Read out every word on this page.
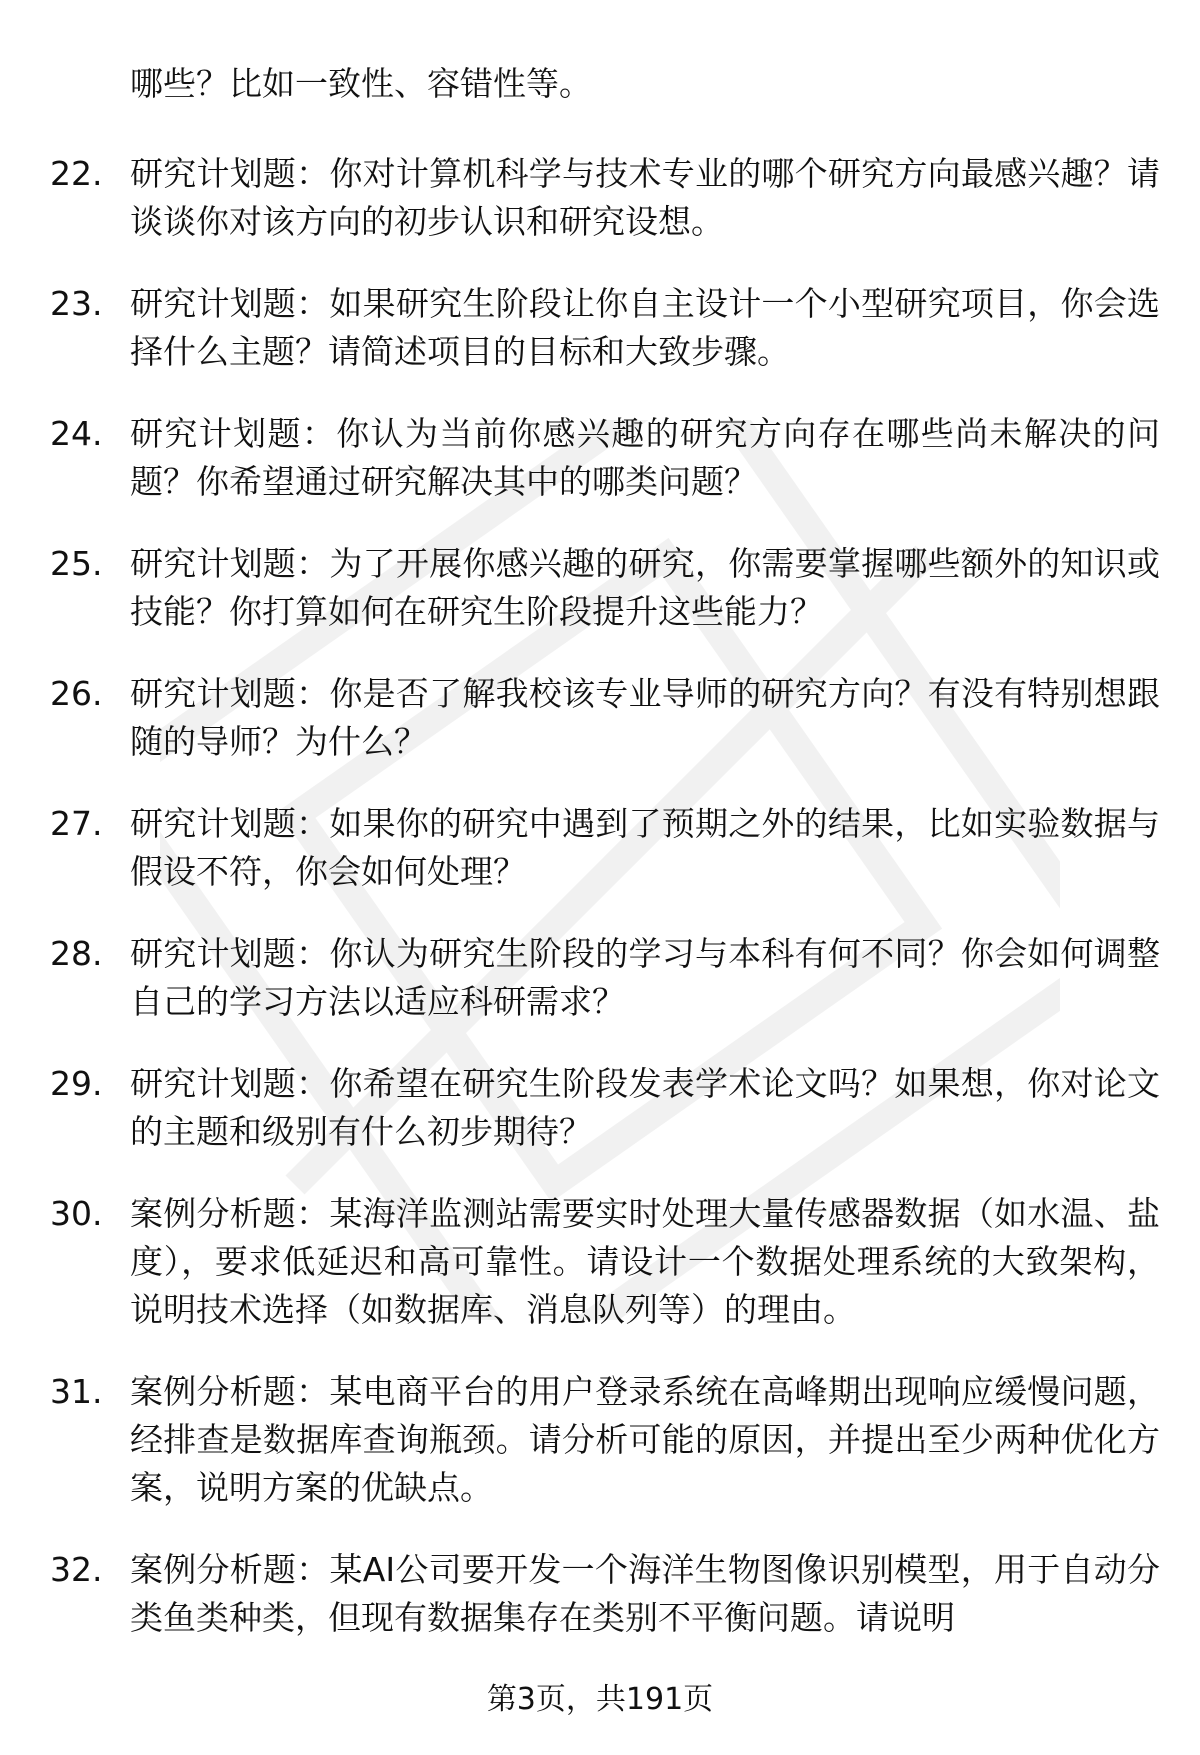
哪些？比如一致性、容错性等。

22. 研究计划题：你对计算机科学与技术专业的哪个研究方向最感兴趣？请谈谈你对该方向的初步认识和研究设想。
23. 研究计划题：如果研究生阶段让你自主设计一个小型研究项目，你会选择什么主题？请简述项目的目标和大致步骤。
24. 研究计划题：你认为当前你感兴趣的研究方向存在哪些尚未解决的问题？你希望通过研究解决其中的哪类问题？
25. 研究计划题：为了开展你感兴趣的研究，你需要掌握哪些额外的知识或技能？你打算如何在研究生阶段提升这些能力？
26. 研究计划题：你是否了解我校该专业导师的研究方向？有没有特别想跟随的导师？为什么？
27. 研究计划题：如果你的研究中遇到了预期之外的结果，比如实验数据与假设不符，你会如何处理？
28. 研究计划题：你认为研究生阶段的学习与本科有何不同？你会如何调整自己的学习方法以适应科研需求？
29. 研究计划题：你希望在研究生阶段发表学术论文吗？如果想，你对论文的主题和级别有什么初步期待？
30. 案例分析题：某海洋监测站需要实时处理大量传感器数据（如水温、盐度），要求低延迟和高可靠性。请设计一个数据处理系统的大致架构，说明技术选择（如数据库、消息队列等）的理由。
31. 案例分析题：某电商平台的用户登录系统在高峰期出现响应缓慢问题，经排查是数据库查询瓶颈。请分析可能的原因，并提出至少两种优化方案，说明方案的优缺点。
32. 案例分析题：某AI公司要开发一个海洋生物图像识别模型，用于自动分类鱼类种类，但现有数据集存在类别不平衡问题。请说明
第3页，共191页
